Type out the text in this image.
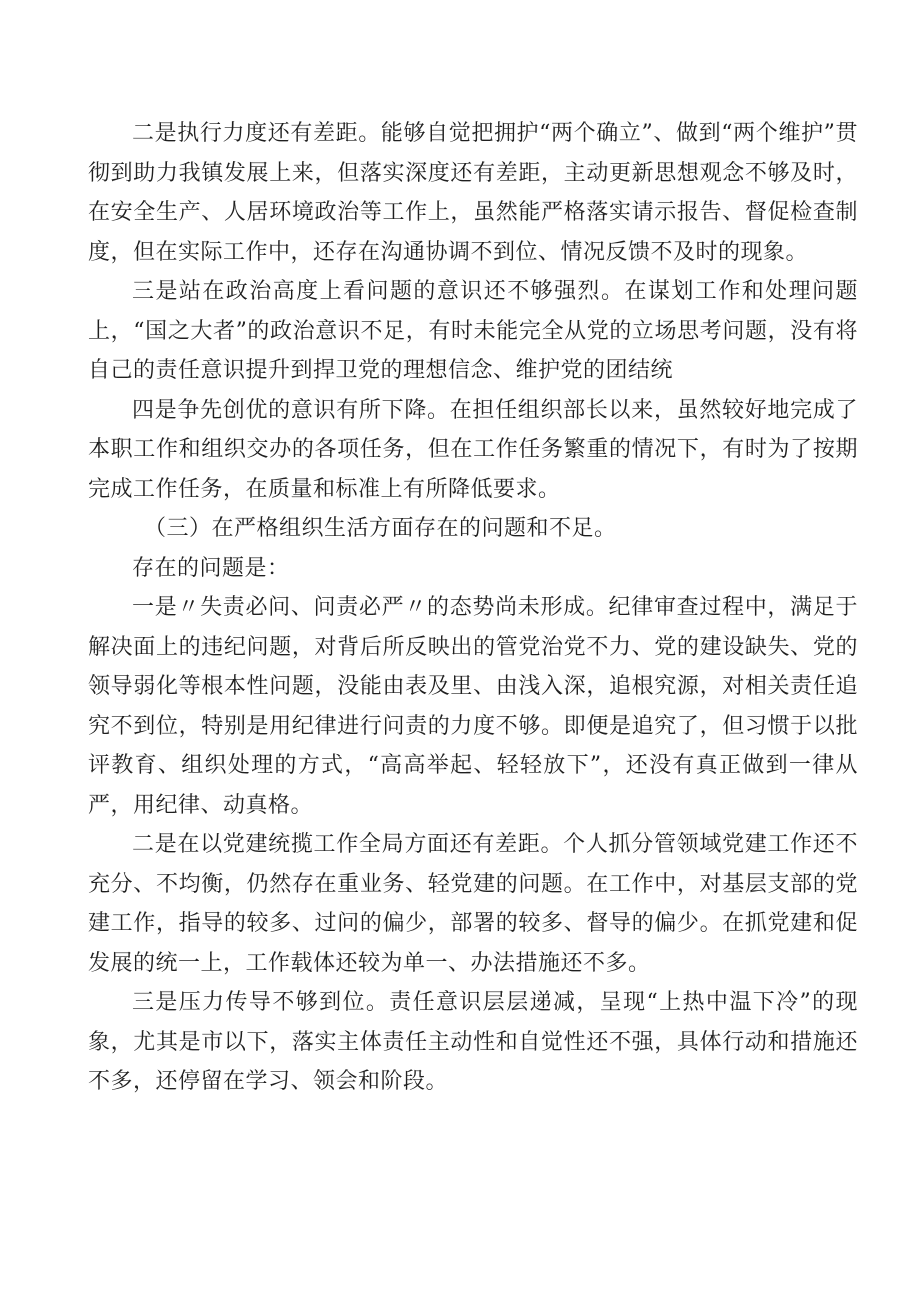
二是执行力度还有差距。能够自觉把拥护“两个确立”、做到“两个维护”贯彻到助力我镇发展上来，但落实深度还有差距，主动更新思想观念不够及时，在安全生产、人居环境政治等工作上，虽然能严格落实请示报告、督促检查制度，但在实际工作中，还存在沟通协调不到位、情况反馈不及时的现象。

三是站在政治高度上看问题的意识还不够强烈。在谋划工作和处理问题上，“国之大者”的政治意识不足，有时未能完全从党的立场思考问题，没有将自己的责任意识提升到捍卫党的理想信念、维护党的团结统

四是争先创优的意识有所下降。在担任组织部长以来，虽然较好地完成了本职工作和组织交办的各项任务，但在工作任务繁重的情况下，有时为了按期完成工作任务，在质量和标准上有所降低要求。

（三）在严格组织生活方面存在的问题和不足。

存在的问题是：

一是〃失责必问、问责必严〃的态势尚未形成。纪律审查过程中，满足于解决面上的违纪问题，对背后所反映出的管党治党不力、党的建设缺失、党的领导弱化等根本性问题，没能由表及里、由浅入深，追根究源，对相关责任追究不到位，特别是用纪律进行问责的力度不够。即便是追究了，但习惯于以批评教育、组织处理的方式，“高高举起、轻轻放下”，还没有真正做到一律从严，用纪律、动真格。

二是在以党建统揽工作全局方面还有差距。个人抓分管领域党建工作还不充分、不均衡，仍然存在重业务、轻党建的问题。在工作中，对基层支部的党建工作，指导的较多、过问的偏少，部署的较多、督导的偏少。在抓党建和促发展的统一上，工作载体还较为单一、办法措施还不多。

三是压力传导不够到位。责任意识层层递减，呈现“上热中温下冷”的现象，尤其是市以下，落实主体责任主动性和自觉性还不强，具体行动和措施还不多，还停留在学习、领会和阶段。
